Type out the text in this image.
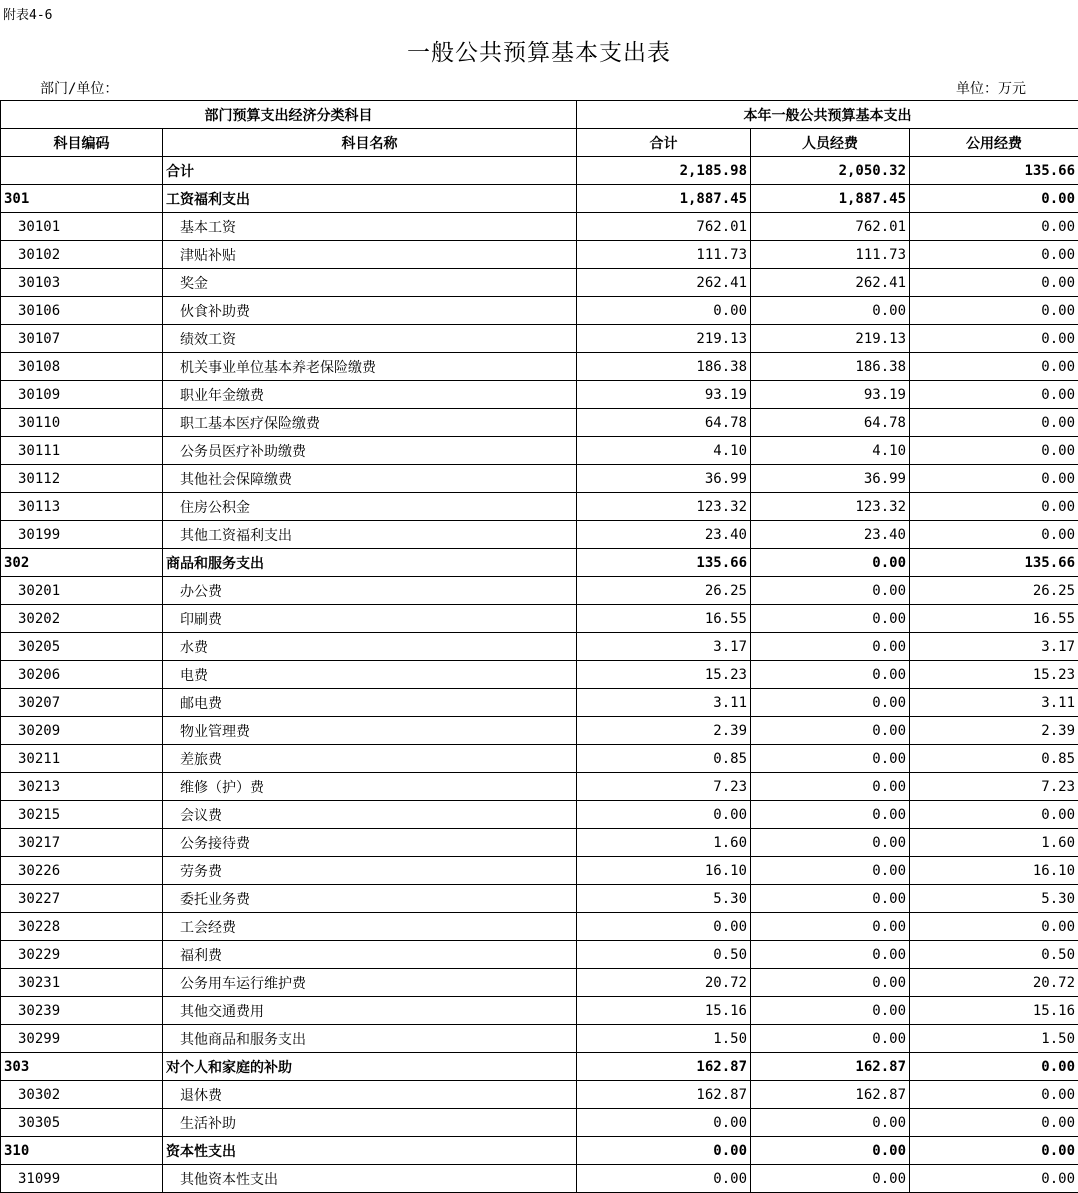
附表4-6
一般公共预算基本支出表
部门/单位：	单位：万元
部门预算支出经济分类科目		本年一般公共预算基本支出		
科目编码	科目名称	合计	人员经费	公用经费
	合计	2,185.98	2,050.32	135.66
301	工资福利支出	1,887.45	1,887.45	0.00
30101	基本工资	762.01	762.01	0.00
30102	津贴补贴	111.73	111.73	0.00
30103	奖金	262.41	262.41	0.00
30106	伙食补助费	0.00	0.00	0.00
30107	绩效工资	219.13	219.13	0.00
30108	机关事业单位基本养老保险缴费	186.38	186.38	0.00
30109	职业年金缴费	93.19	93.19	0.00
30110	职工基本医疗保险缴费	64.78	64.78	0.00
30111	公务员医疗补助缴费	4.10	4.10	0.00
30112	其他社会保障缴费	36.99	36.99	0.00
30113	住房公积金	123.32	123.32	0.00
30199	其他工资福利支出	23.40	23.40	0.00
302	商品和服务支出	135.66	0.00	135.66
30201	办公费	26.25	0.00	26.25
30202	印刷费	16.55	0.00	16.55
30205	水费	3.17	0.00	3.17
30206	电费	15.23	0.00	15.23
30207	邮电费	3.11	0.00	3.11
30209	物业管理费	2.39	0.00	2.39
30211	差旅费	0.85	0.00	0.85
30213	维修（护）费	7.23	0.00	7.23
30215	会议费	0.00	0.00	0.00
30217	公务接待费	1.60	0.00	1.60
30226	劳务费	16.10	0.00	16.10
30227	委托业务费	5.30	0.00	5.30
30228	工会经费	0.00	0.00	0.00
30229	福利费	0.50	0.00	0.50
30231	公务用车运行维护费	20.72	0.00	20.72
30239	其他交通费用	15.16	0.00	15.16
30299	其他商品和服务支出	1.50	0.00	1.50
303	对个人和家庭的补助	162.87	162.87	0.00
30302	退休费	162.87	162.87	0.00
30305	生活补助	0.00	0.00	0.00
310	资本性支出	0.00	0.00	0.00
31099	其他资本性支出	0.00	0.00	0.00
